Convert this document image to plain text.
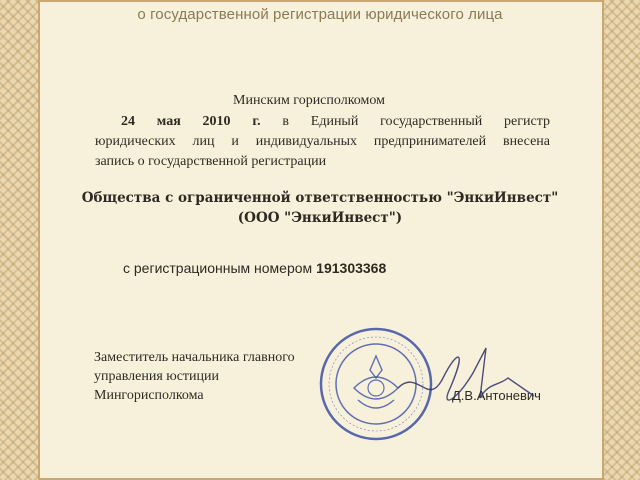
о государственной регистрации юридического лица
Минским горисполкомом
24 мая 2010 г. в Единый государственный регистр
юридических лиц и индивидуальных предпринимателей внесена
запись о государственной регистрации
Общества с ограниченной ответственностью "ЭнкиИнвест"
(ООО "ЭнкиИнвест")
с регистрационным номером 191303368
Заместитель начальника главного
управления юстиции
Мингорисполкома	Д.В.Антоневич
